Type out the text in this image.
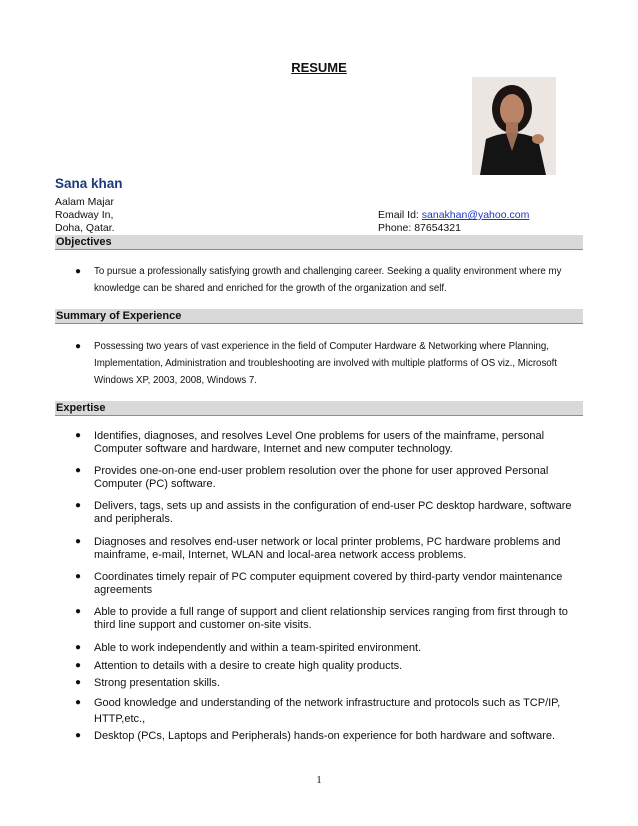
RESUME
Sana khan
Aalam Majar
Roadway In,
Doha, Qatar.
Email Id: sanakhan@yahoo.com
Phone: 87654321
Objectives
● To pursue a professionally satisfying growth and challenging career. Seeking a quality environment where my knowledge can be shared and enriched for the growth of the organization and self.
Summary of Experience
● Possessing two years of vast experience in the field of Computer Hardware & Networking where Planning, Implementation, Administration and troubleshooting are involved with multiple platforms of OS viz., Microsoft Windows XP, 2003, 2008, Windows 7.
Expertise
● Identifies, diagnoses, and resolves Level One problems for users of the mainframe, personal Computer software and hardware, Internet and new computer technology.
● Provides one-on-one end-user problem resolution over the phone for user approved Personal Computer (PC) software.
● Delivers, tags, sets up and assists in the configuration of end-user PC desktop hardware, software and peripherals.
● Diagnoses and resolves end-user network or local printer problems, PC hardware problems and mainframe, e-mail, Internet, WLAN and local-area network access problems.
● Coordinates timely repair of PC computer equipment covered by third-party vendor maintenance agreements
● Able to provide a full range of support and client relationship services ranging from first through to third line support and customer on-site visits.
● Able to work independently and within a team-spirited environment.
● Attention to details with a desire to create high quality products.
● Strong presentation skills.
● Good knowledge and understanding of the network infrastructure and protocols such as TCP/IP, HTTP,etc.,
● Desktop (PCs, Laptops and Peripherals) hands-on experience for both hardware and software.
1
